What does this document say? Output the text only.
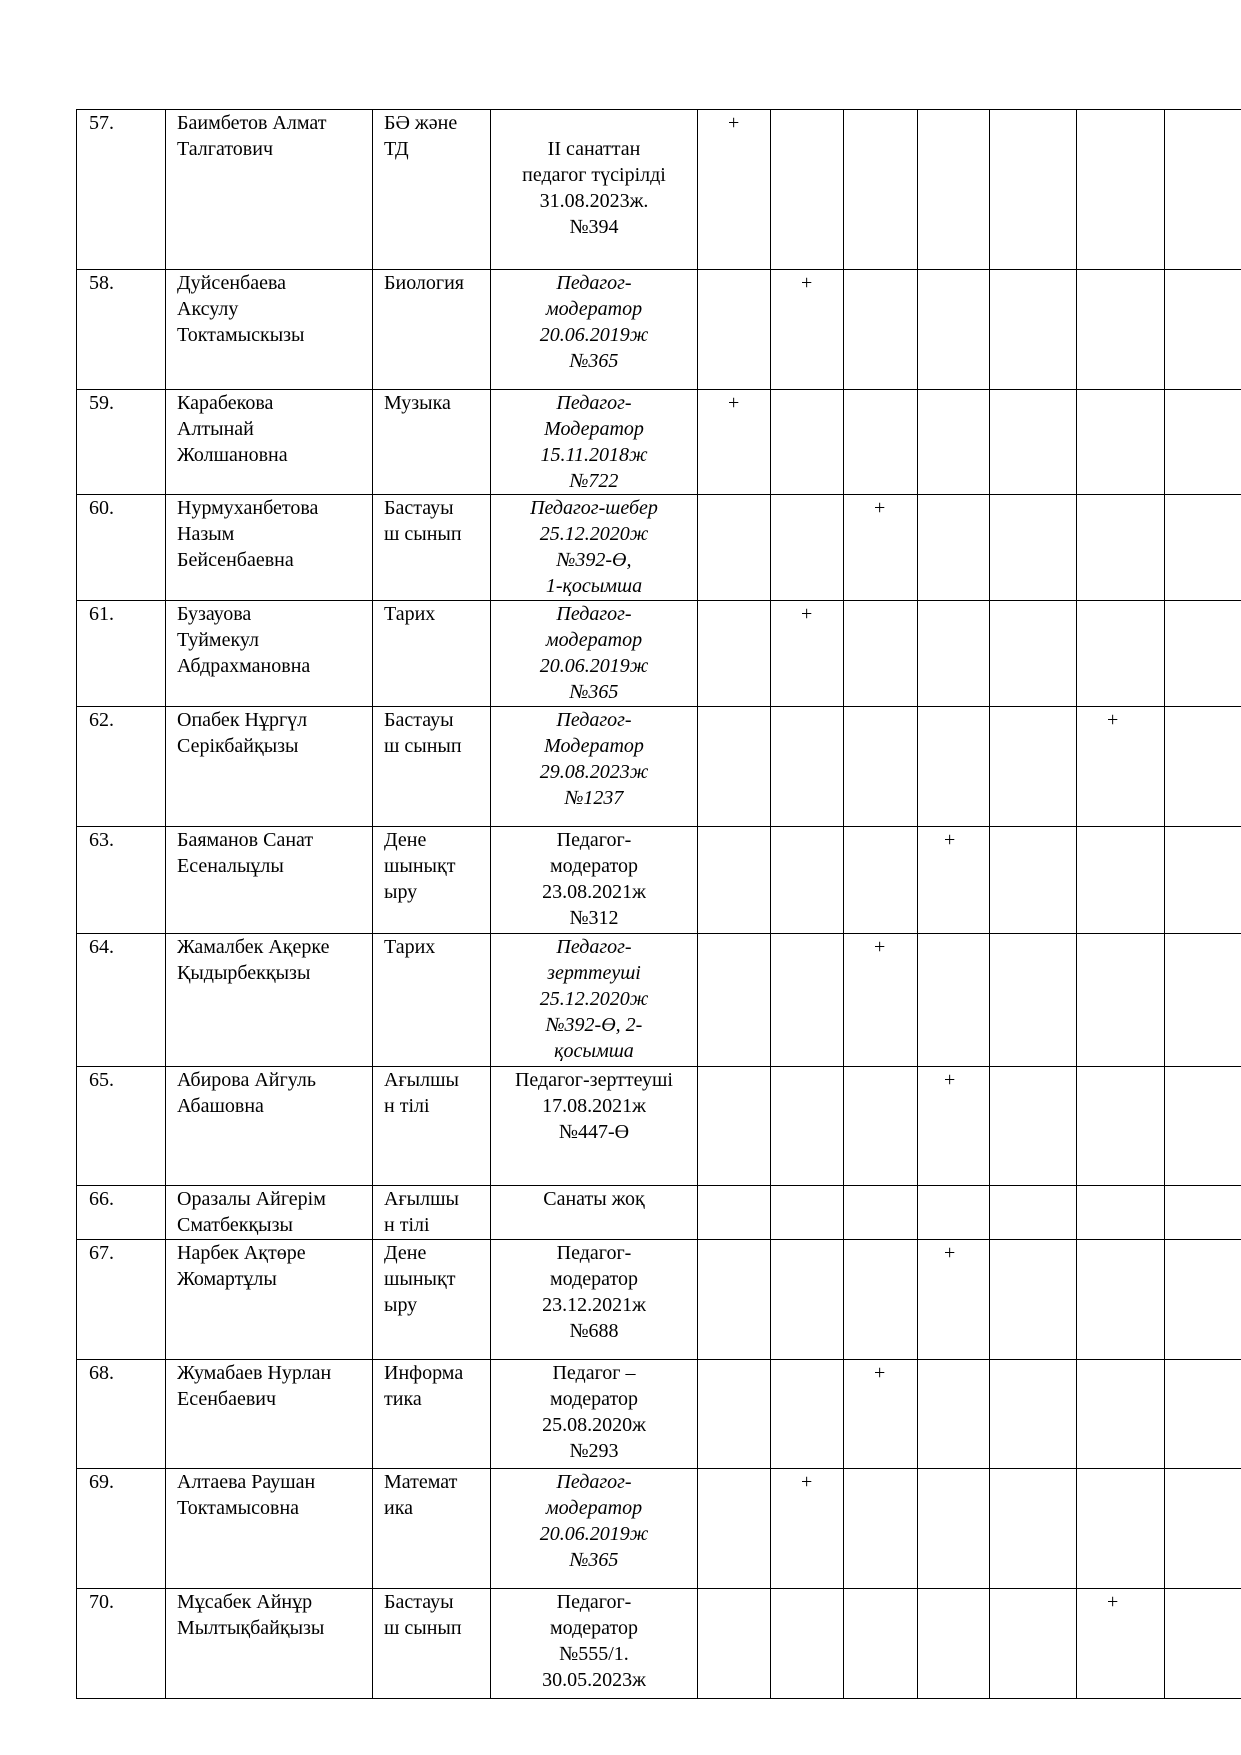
57.	Баимбетов Алмат
Талгатович	БӘ және
ТД	
II санаттан
педагог түсірілді
31.08.2023ж.
№394	+						

58.	Дуйсенбаева
Аксулу
Токтамыскызы	Биология	Педагог-
модератор
20.06.2019ж
№365		+					

59.	Карабекова
Алтынай
Жолшановна	Музыка	Педагог-
Модератор
15.11.2018ж
№722	+						

60.	Нурмуханбетова
Назым
Бейсенбаевна	Бастауы
ш сынып	Педагог-шебер
25.12.2020ж
№392-Ө,
1-қосымша			+				

61.	Бузауова
Туймекул
Абдрахмановна	Тарих	Педагог-
модератор
20.06.2019ж
№365		+					

62.	Опабек Нұргүл
Серікбайқызы	Бастауы
ш сынып	Педагог-
Модератор
29.08.2023ж
№1237						+	

63.	Баяманов Санат
Есеналыұлы	Дене
шынықт
ыру	Педагог-
модератор
23.08.2021ж
№312				+			

64.	Жамалбек Ақерке
Қыдырбекқызы	Тарих	Педагог-
зерттеуші
25.12.2020ж
№392-Ө, 2-
қосымша			+				

65.	Абирова Айгуль
Абашовна	Ағылшы
н тілі	Педагог-зерттеуші
17.08.2021ж
№447-Ө				+			

66.	Оразалы Айгерім
Сматбекқызы	Ағылшы
н тілі	Санаты жоқ							

67.	Нарбек Ақтөре
Жомартұлы	Дене
шынықт
ыру	Педагог-
модератор
23.12.2021ж
№688				+			

68.	Жумабаев Нурлан
Есенбаевич	Информа
тика	Педагог –
модератор
25.08.2020ж
№293			+				

69.	Алтаева Раушан
Токтамысовна	Математ
ика	Педагог-
модератор
20.06.2019ж
№365		+					

70.	Мұсабек Айнұр
Мылтықбайқызы	Бастауы
ш сынып	Педагог-
модератор
№555/1.
30.05.2023ж						+	
